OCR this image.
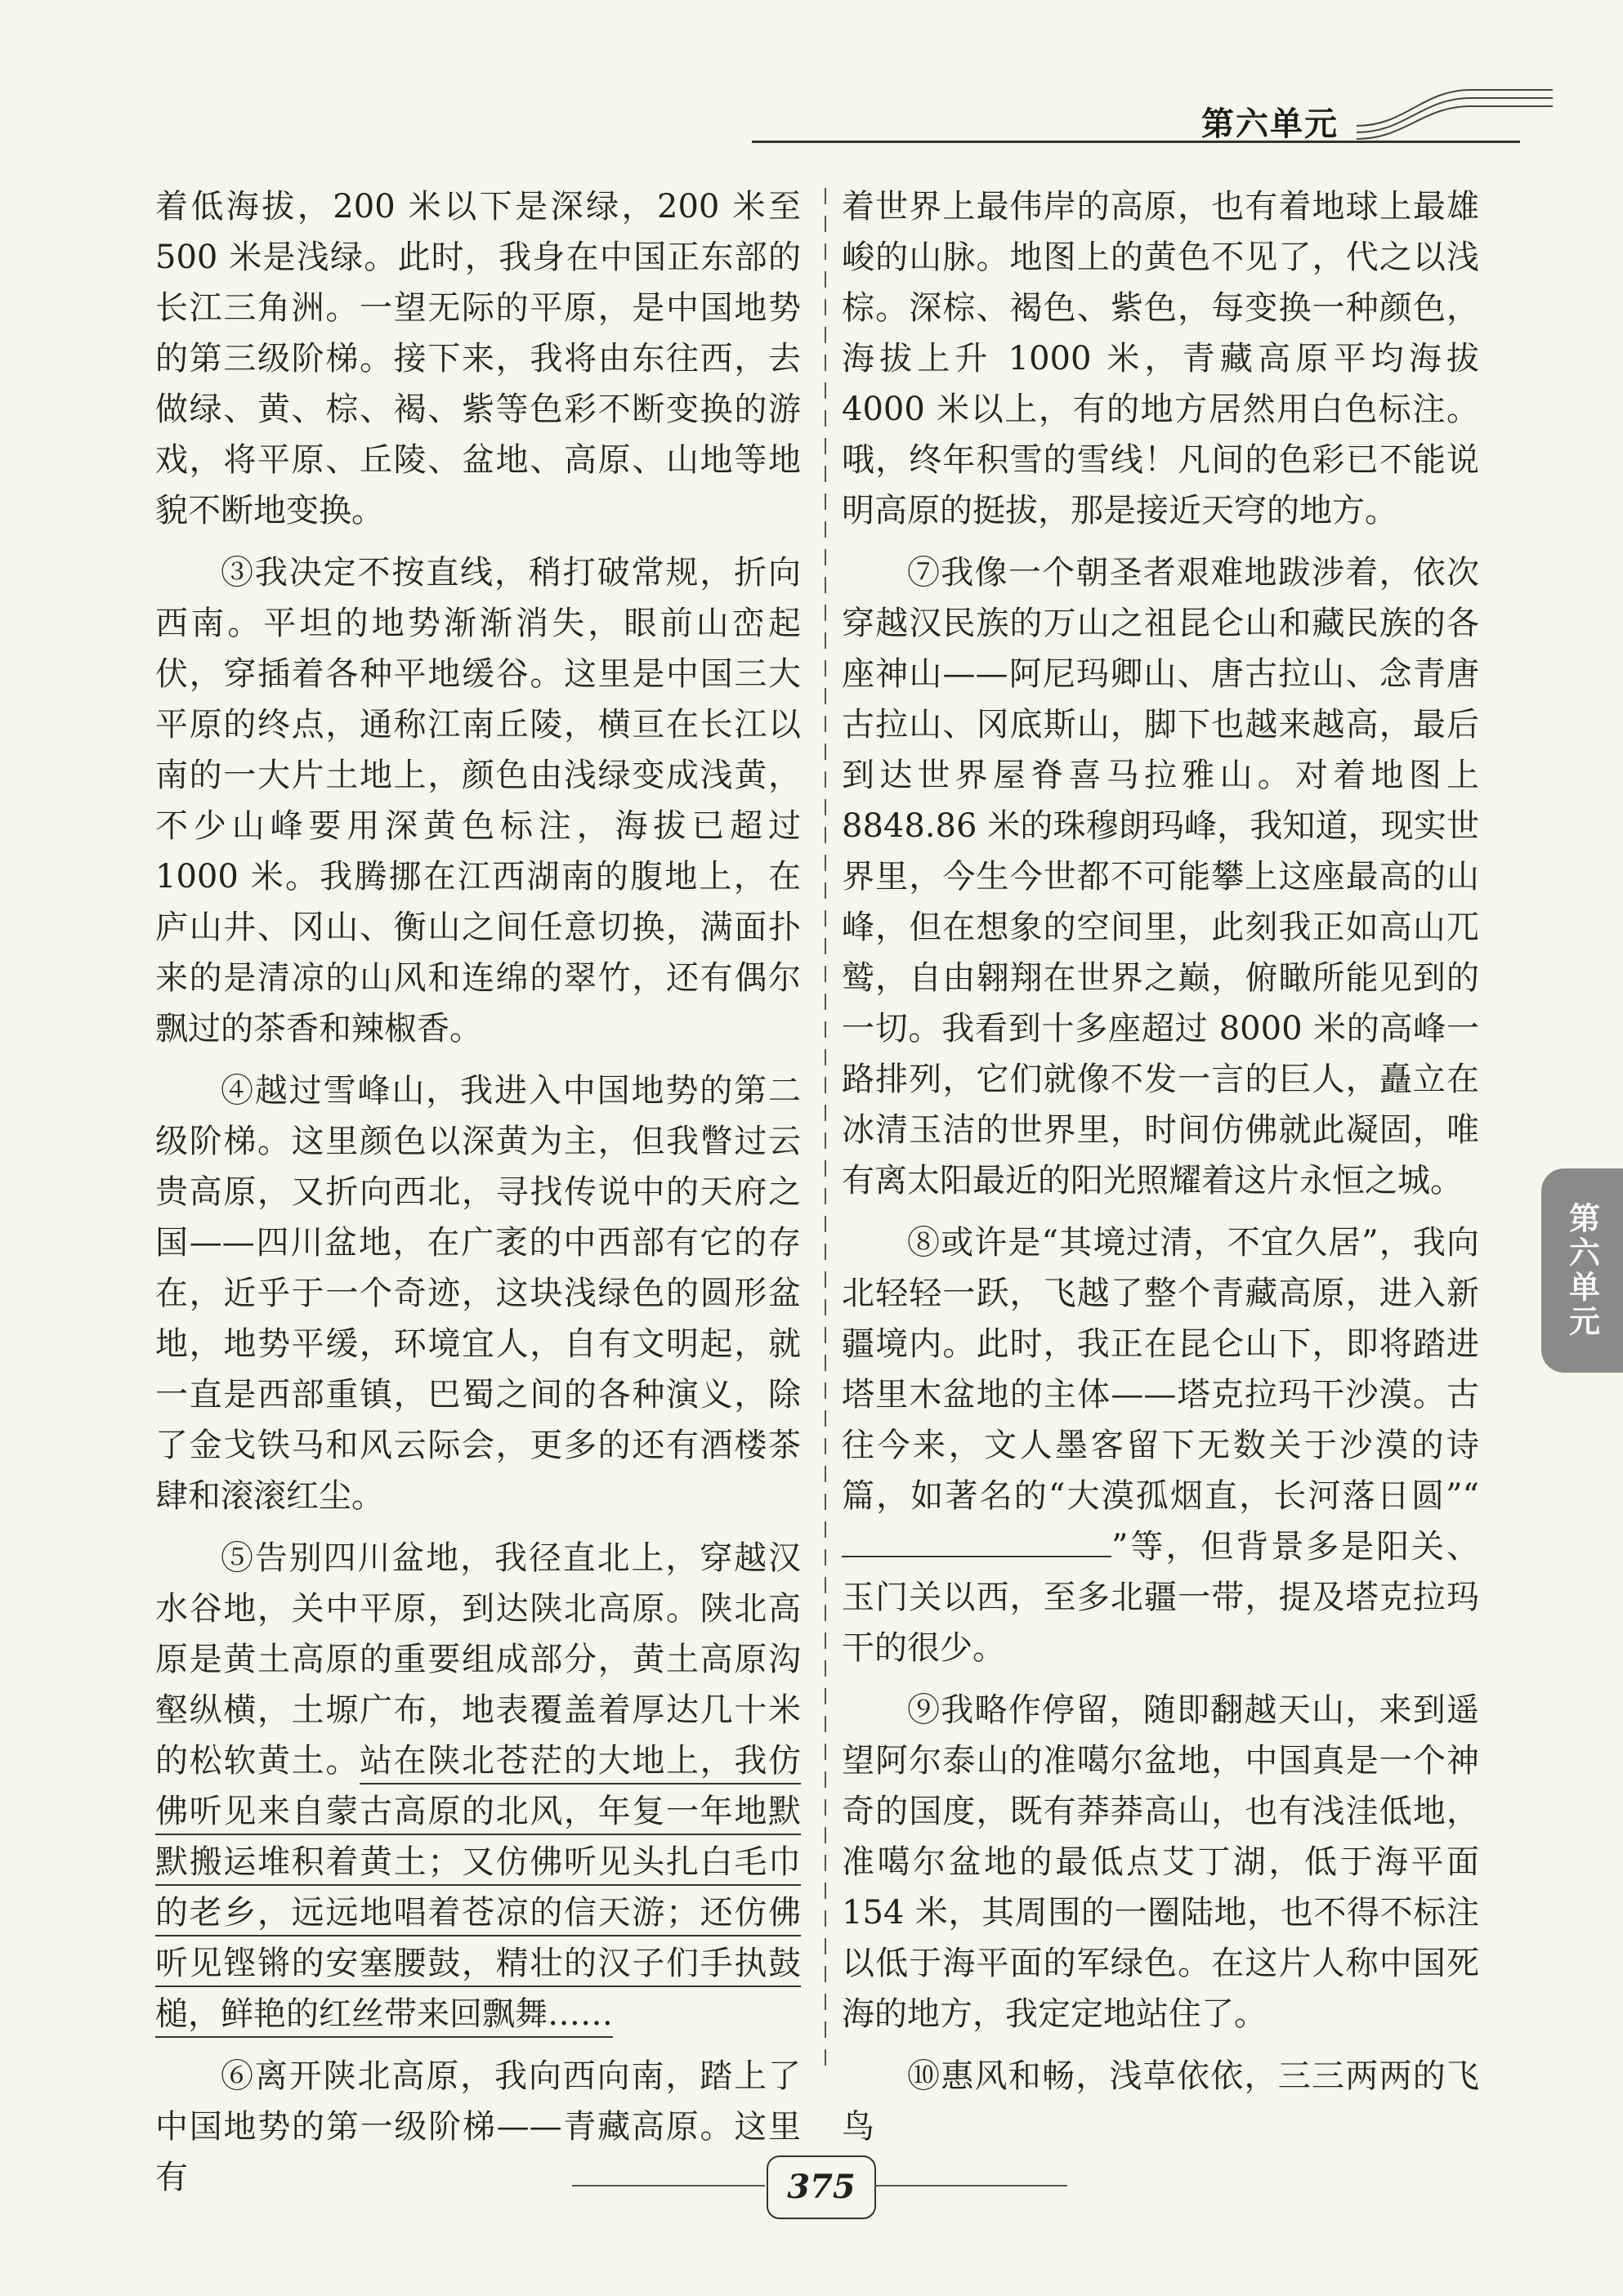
第六单元

着低海拔，200 米以下是深绿，200 米至 500 米是浅绿。此时，我身在中国正东部的长江三角洲。一望无际的平原，是中国地势的第三级阶梯。接下来，我将由东往西，去做绿、黄、棕、褐、紫等色彩不断变换的游戏，将平原、丘陵、盆地、高原、山地等地貌不断地变换。

③我决定不按直线，稍打破常规，折向西南。平坦的地势渐渐消失，眼前山峦起伏，穿插着各种平地缓谷。这里是中国三大平原的终点，通称江南丘陵，横亘在长江以南的一大片土地上，颜色由浅绿变成浅黄，不少山峰要用深黄色标注，海拔已超过 1000 米。我腾挪在江西湖南的腹地上，在庐山井、冈山、衡山之间任意切换，满面扑来的是清凉的山风和连绵的翠竹，还有偶尔飘过的茶香和辣椒香。

④越过雪峰山，我进入中国地势的第二级阶梯。这里颜色以深黄为主，但我瞥过云贵高原，又折向西北，寻找传说中的天府之国——四川盆地，在广袤的中西部有它的存在，近乎于一个奇迹，这块浅绿色的圆形盆地，地势平缓，环境宜人，自有文明起，就一直是西部重镇，巴蜀之间的各种演义，除了金戈铁马和风云际会，更多的还有酒楼茶肆和滚滚红尘。

⑤告别四川盆地，我径直北上，穿越汉水谷地，关中平原，到达陕北高原。陕北高原是黄土高原的重要组成部分，黄土高原沟壑纵横，土塬广布，地表覆盖着厚达几十米的松软黄土。站在陕北苍茫的大地上，我仿佛听见来自蒙古高原的北风，年复一年地默默搬运堆积着黄土；又仿佛听见头扎白毛巾的老乡，远远地唱着苍凉的信天游；还仿佛听见铿锵的安塞腰鼓，精壮的汉子们手执鼓槌，鲜艳的红丝带来回飘舞……

⑥离开陕北高原，我向西向南，踏上了中国地势的第一级阶梯——青藏高原。这里有

着世界上最伟岸的高原，也有着地球上最雄峻的山脉。地图上的黄色不见了，代之以浅棕。深棕、褐色、紫色，每变换一种颜色，海拔上升 1000 米，青藏高原平均海拔 4000 米以上，有的地方居然用白色标注。哦，终年积雪的雪线！凡间的色彩已不能说明高原的挺拔，那是接近天穹的地方。

⑦我像一个朝圣者艰难地跋涉着，依次穿越汉民族的万山之祖昆仑山和藏民族的各座神山——阿尼玛卿山、唐古拉山、念青唐古拉山、冈底斯山，脚下也越来越高，最后到达世界屋脊喜马拉雅山。对着地图上 8848.86 米的珠穆朗玛峰，我知道，现实世界里，今生今世都不可能攀上这座最高的山峰，但在想象的空间里，此刻我正如高山兀鹫，自由翱翔在世界之巅，俯瞰所能见到的一切。我看到十多座超过 8000 米的高峰一路排列，它们就像不发一言的巨人，矗立在冰清玉洁的世界里，时间仿佛就此凝固，唯有离太阳最近的阳光照耀着这片永恒之城。

⑧或许是“其境过清，不宜久居”，我向北轻轻一跃，飞越了整个青藏高原，进入新疆境内。此时，我正在昆仑山下，即将踏进塔里木盆地的主体——塔克拉玛干沙漠。古往今来，文人墨客留下无数关于沙漠的诗篇，如著名的“大漠孤烟直，长河落日圆”“”等，但背景多是阳关、玉门关以西，至多北疆一带，提及塔克拉玛干的很少。

⑨我略作停留，随即翻越天山，来到遥望阿尔泰山的准噶尔盆地，中国真是一个神奇的国度，既有莽莽高山，也有浅洼低地，准噶尔盆地的最低点艾丁湖，低于海平面 154 米，其周围的一圈陆地，也不得不标注以低于海平面的军绿色。在这片人称中国死海的地方，我定定地站住了。

⑩惠风和畅，浅草依依，三三两两的飞鸟

第六单元
375
